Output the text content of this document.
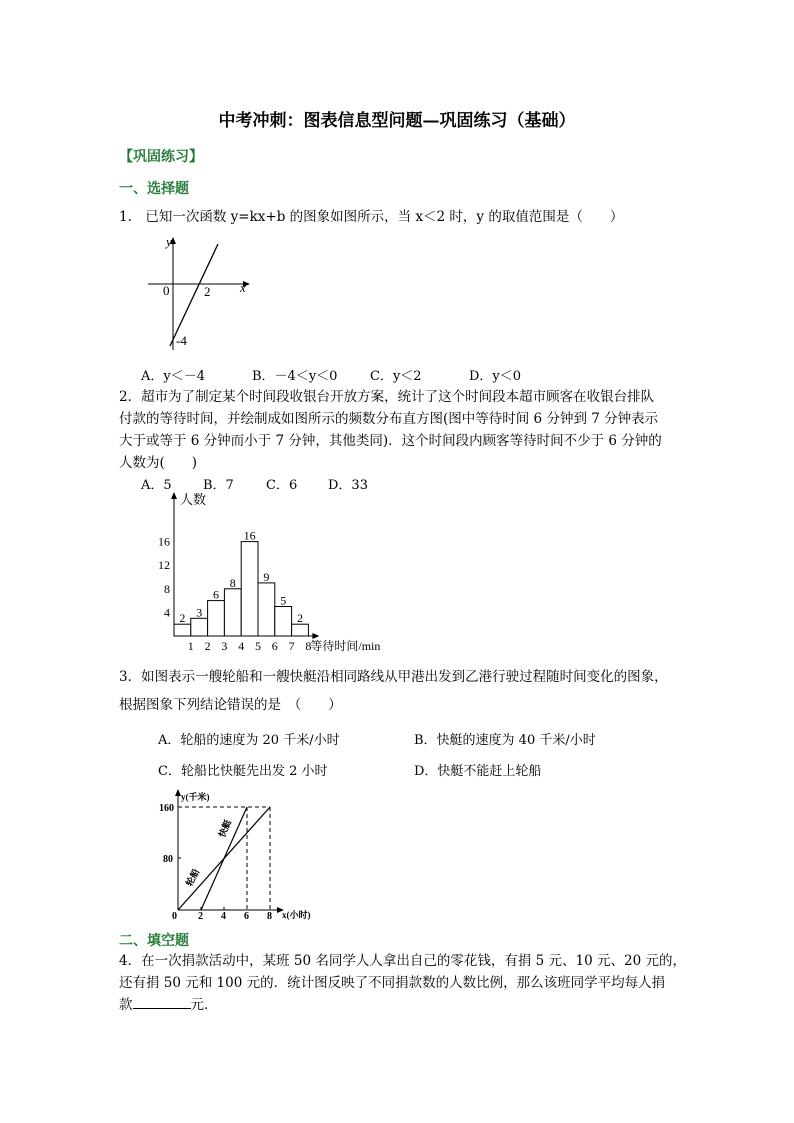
中考冲刺：图表信息型问题—巩固练习（基础）
【巩固练习】
一、选择题
1.　已知一次函数 y=kx+b 的图象如图所示，当 x＜2 时，y 的取值范围是（　　）
y
x
0	2
-4
A．y＜－4	B．－4＜y＜0	C．y＜2	D．y＜0
2．超市为了制定某个时间段收银台开放方案，统计了这个时间段本超市顾客在收银台排队
付款的等待时间，并绘制成如图所示的频数分布直方图(图中等待时间 6 分钟到 7 分钟表示
大于或等于 6 分钟而小于 7 分钟，其他类同)．这个时间段内顾客等待时间不少于 6 分钟的
人数为(　　)
A．5 B．7 C．6 D．33
2 3
6
8
16
9
5
2
1 2 3 4 5 6 7 8
4
8
12
16
人数
等待时间/min
3．如图表示一艘轮船和一艘快艇沿相同路线从甲港出发到乙港行驶过程随时间变化的图象，
根据图象下列结论错误的是　（　　）
A．轮船的速度为 20 千米/小时	B．快艇的速度为 40 千米/小时
C．轮船比快艇先出发 2 小时	D．快艇不能赶上轮船
y(千米)
x(小时)
160
80
0 2 4 6 8
轮船
快艇
二、填空题
4．在一次捐款活动中，某班 50 名同学人人拿出自己的零花钱，有捐 5 元、10 元、20 元的，
还有捐 50 元和 100 元的．统计图反映了不同捐款数的人数比例，那么该班同学平均每人捐
款	元．
